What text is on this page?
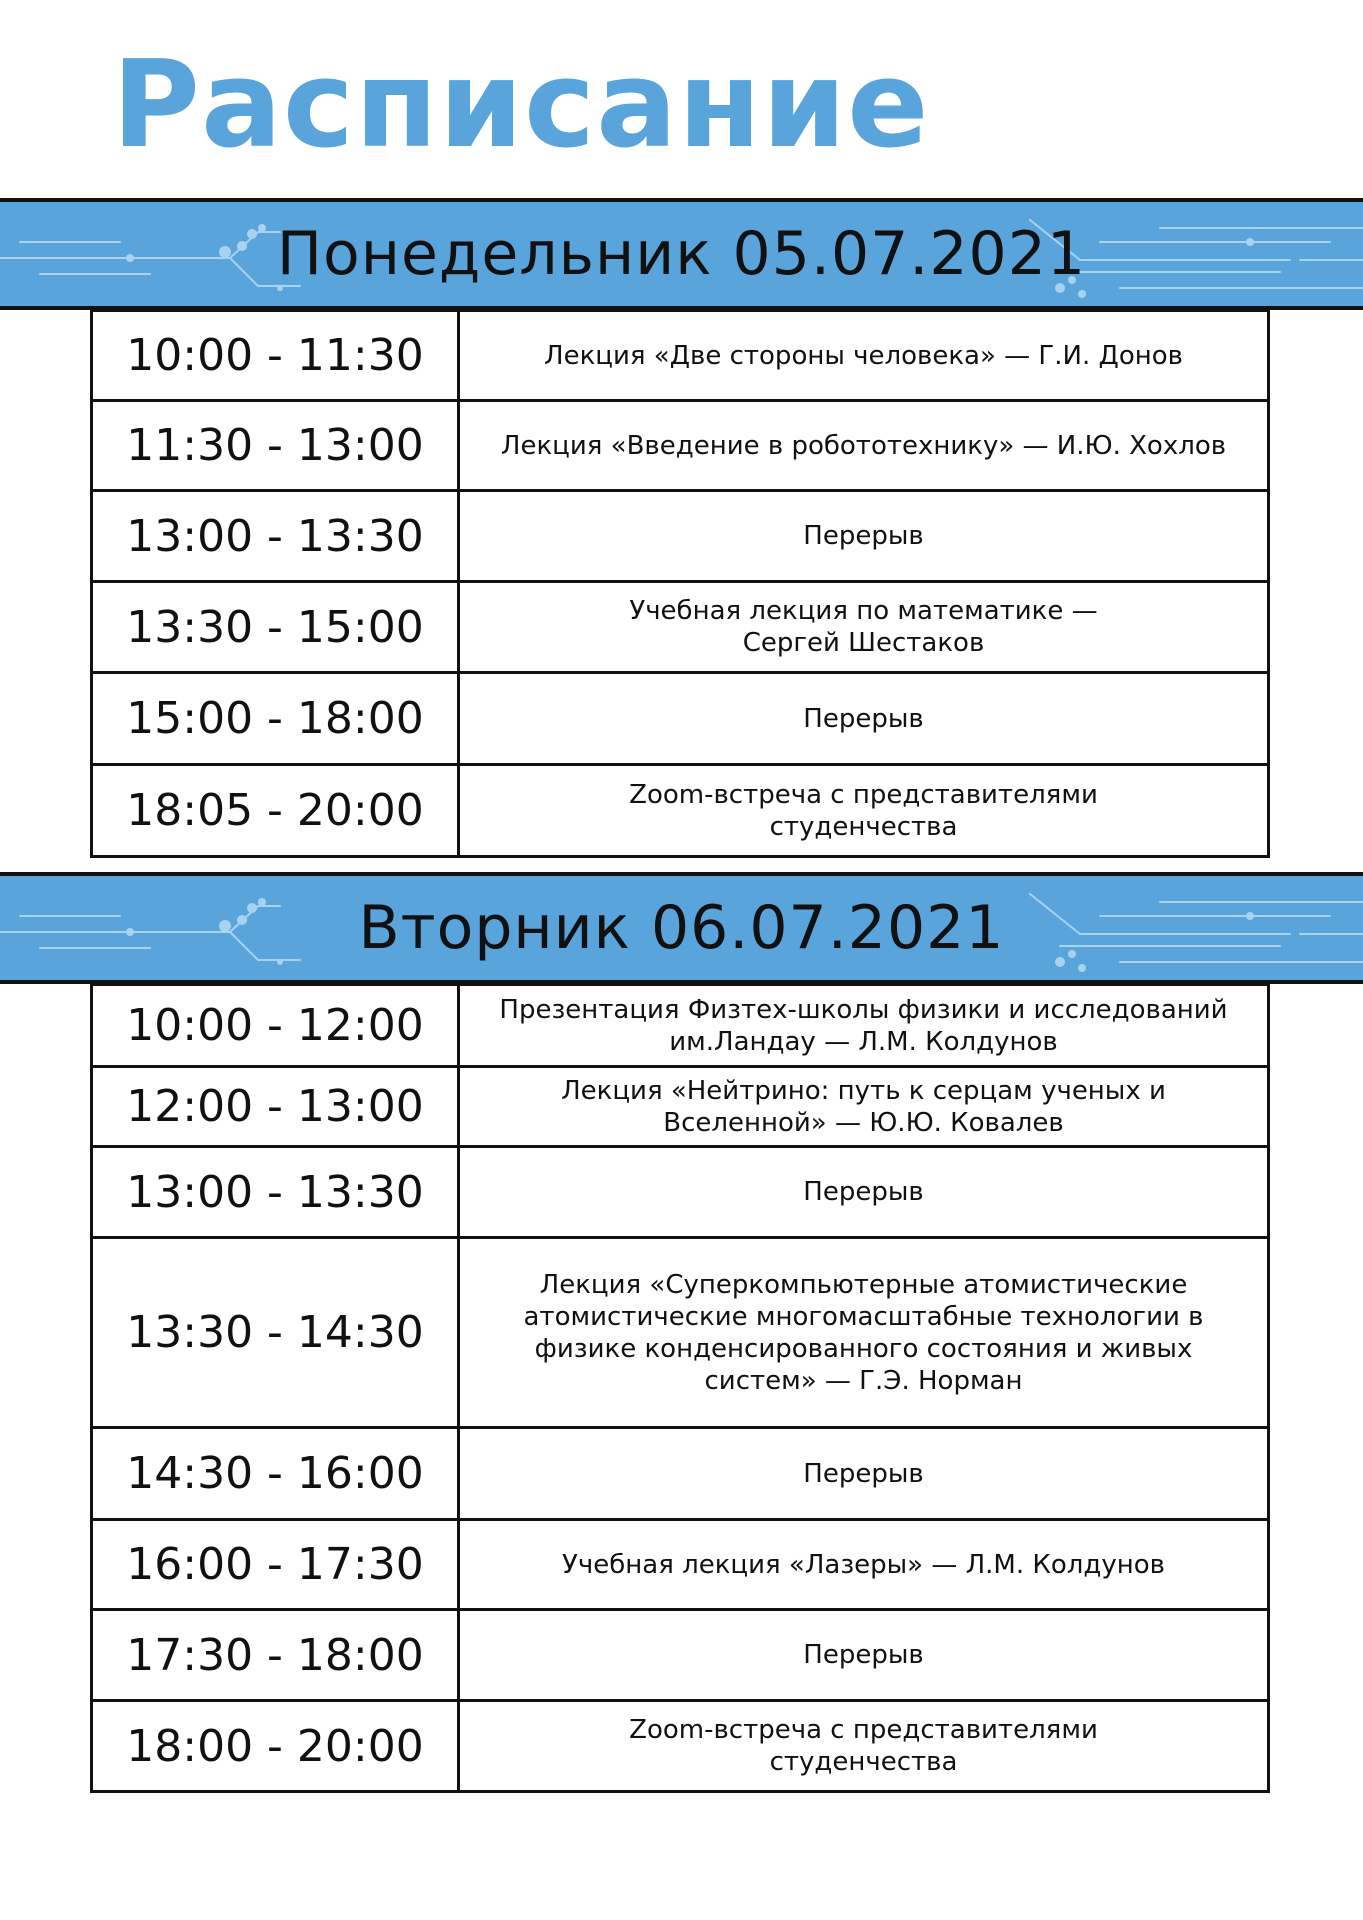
Расписание
Понедельник 05.07.2021
10:00 - 11:30	Лекция «Две стороны человека» — Г.И. Донов
11:30 - 13:00	Лекция «Введение в робототехнику» — И.Ю. Хохлов
13:00 - 13:30	Перерыв
13:30 - 15:00	Учебная лекция по математике — Сергей Шестаков
15:00 - 18:00	Перерыв
18:05 - 20:00	Zoom-встреча с представителями студенчества
Вторник 06.07.2021
10:00 - 12:00	Презентация Физтех-школы физики и исследований им.Ландау — Л.М. Колдунов
12:00 - 13:00	Лекция «Нейтрино: путь к серцам ученых и Вселенной» — Ю.Ю. Ковалев
13:00 - 13:30	Перерыв
13:30 - 14:30	Лекция «Суперкомпьютерные атомистические атомистические многомасштабные технологии в физике конденсированного состояния и живых систем» — Г.Э. Норман
14:30 - 16:00	Перерыв
16:00 - 17:30	Учебная лекция «Лазеры» — Л.М. Колдунов
17:30 - 18:00	Перерыв
18:00 - 20:00	Zoom-встреча с представителями студенчества
